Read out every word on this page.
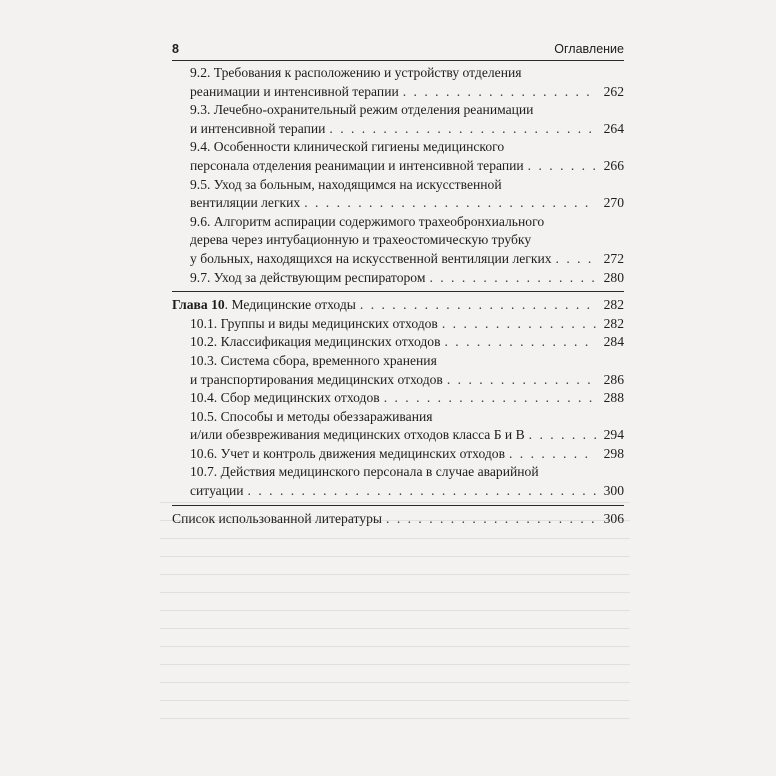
8	Оглавление
9.2. Требования к расположению и устройству отделения
реанимации и интенсивной терапии . . .	262
9.3. Лечебно-охранительный режим отделения реанимации
и интенсивной терапии . . .	264
9.4. Особенности клинической гигиены медицинского
персонала отделения реанимации и интенсивной терапии . . .	266
9.5. Уход за больным, находящимся на искусственной
вентиляции легких . . .	270
9.6. Алгоритм аспирации содержимого трахеобронхиального
дерева через интубационную и трахеостомическую трубку
у больных, находящихся на искусственной вентиляции легких . . .	272
9.7. Уход за действующим респиратором . . .	280
Глава 10. Медицинские отходы . . .	282
10.1. Группы и виды медицинских отходов . . .	282
10.2. Классификация медицинских отходов . . .	284
10.3. Система сбора, временного хранения
и транспортирования медицинских отходов . . .	286
10.4. Сбор медицинских отходов . . .	288
10.5. Способы и методы обеззараживания
и/или обезвреживания медицинских отходов класса Б и В . . .	294
10.6. Учет и контроль движения медицинских отходов . . .	298
10.7. Действия медицинского персонала в случае аварийной
ситуации . . .	300
Список использованной литературы . . .	306
